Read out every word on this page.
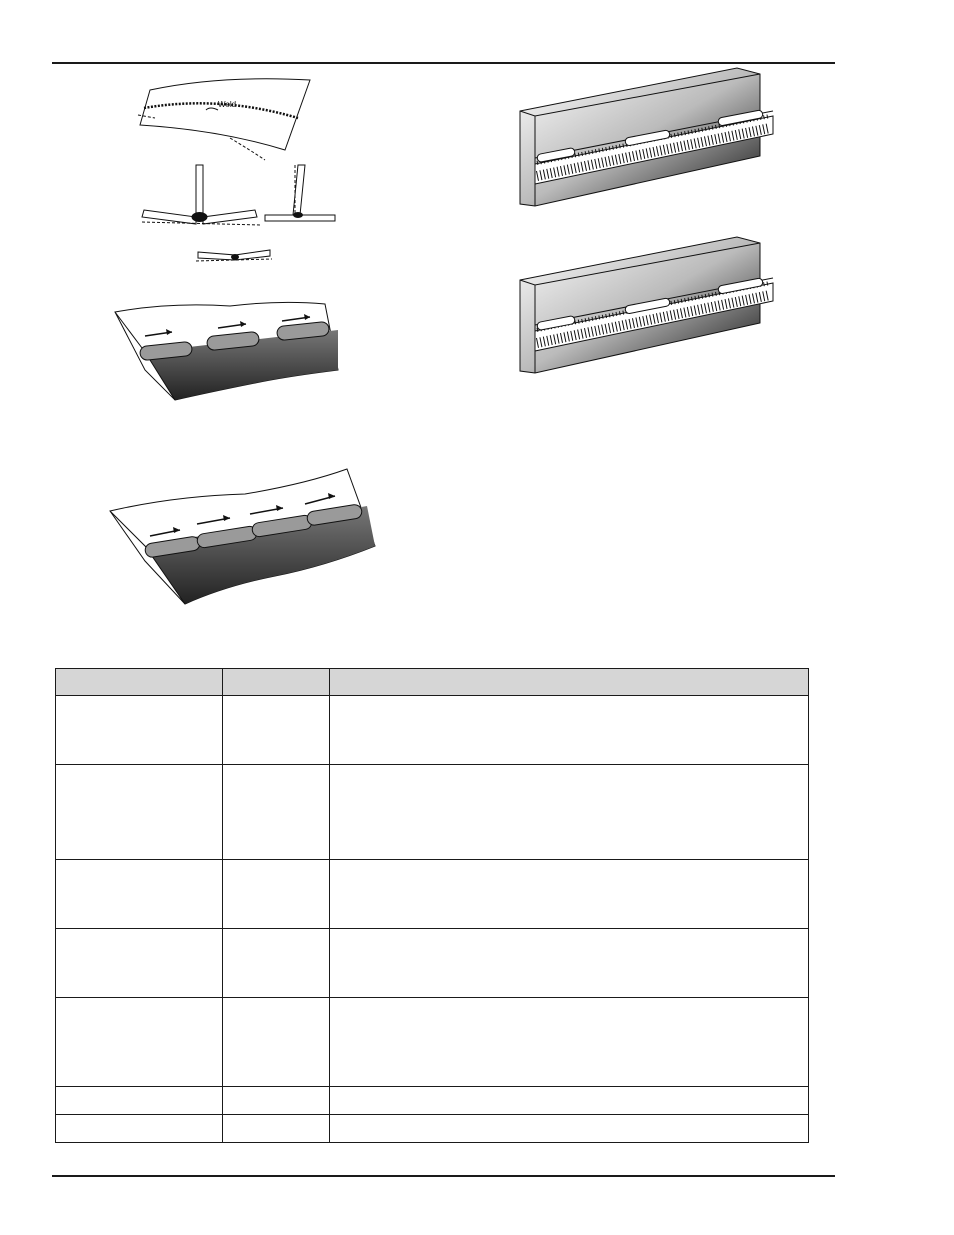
Weld
